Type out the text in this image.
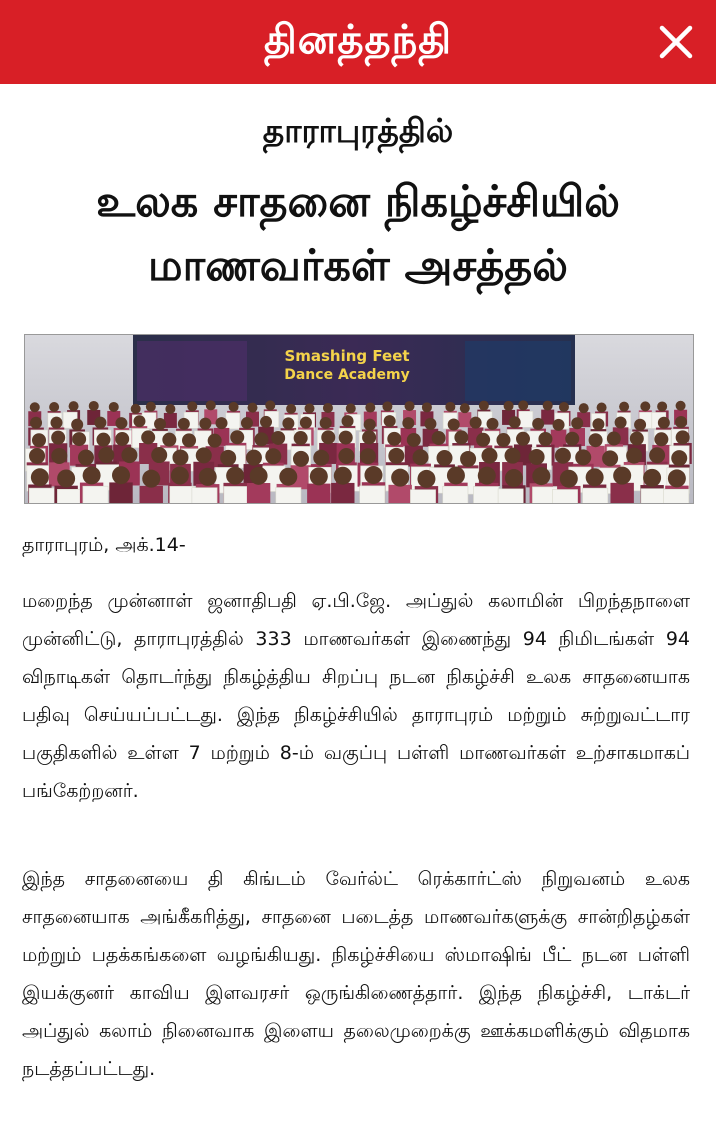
தினத்தந்தி
தாராபுரத்தில்
உலக சாதனை நிகழ்ச்சியில்
மாணவர்கள் அசத்தல்
Smashing Feet
Dance Academy
தாராபுரம், அக்.14-

மறைந்த முன்னாள் ஜனாதிபதி ஏ.பி.ஜே. அப்துல் கலாமின் பிறந்தநாளை முன்னிட்டு, தாராபுரத்தில் 333 மாணவர்கள் இணைந்து 94 நிமிடங்கள் 94 விநாடிகள் தொடர்ந்து நிகழ்த்திய சிறப்பு நடன நிகழ்ச்சி உலக சாதனையாக பதிவு செய்யப்பட்டது. இந்த நிகழ்ச்சியில் தாராபுரம் மற்றும் சுற்றுவட்டார பகுதிகளில் உள்ள 7 மற்றும் 8-ம் வகுப்பு பள்ளி மாணவர்கள் உற்சாகமாகப் பங்கேற்றனர்.

இந்த சாதனையை தி கிங்டம் வேர்ல்ட் ரெக்கார்ட்ஸ் நிறுவனம் உலக சாதனையாக அங்கீகரித்து, சாதனை படைத்த மாணவர்களுக்கு சான்றிதழ்கள் மற்றும் பதக்கங்களை வழங்கியது. நிகழ்ச்சியை ஸ்மாஷிங் பீட் நடன பள்ளி இயக்குனர் காவிய இளவரசர் ஒருங்கிணைத்தார். இந்த நிகழ்ச்சி, டாக்டர் அப்துல் கலாம் நினைவாக இளைய தலைமுறைக்கு ஊக்கமளிக்கும் விதமாக நடத்தப்பட்டது.
